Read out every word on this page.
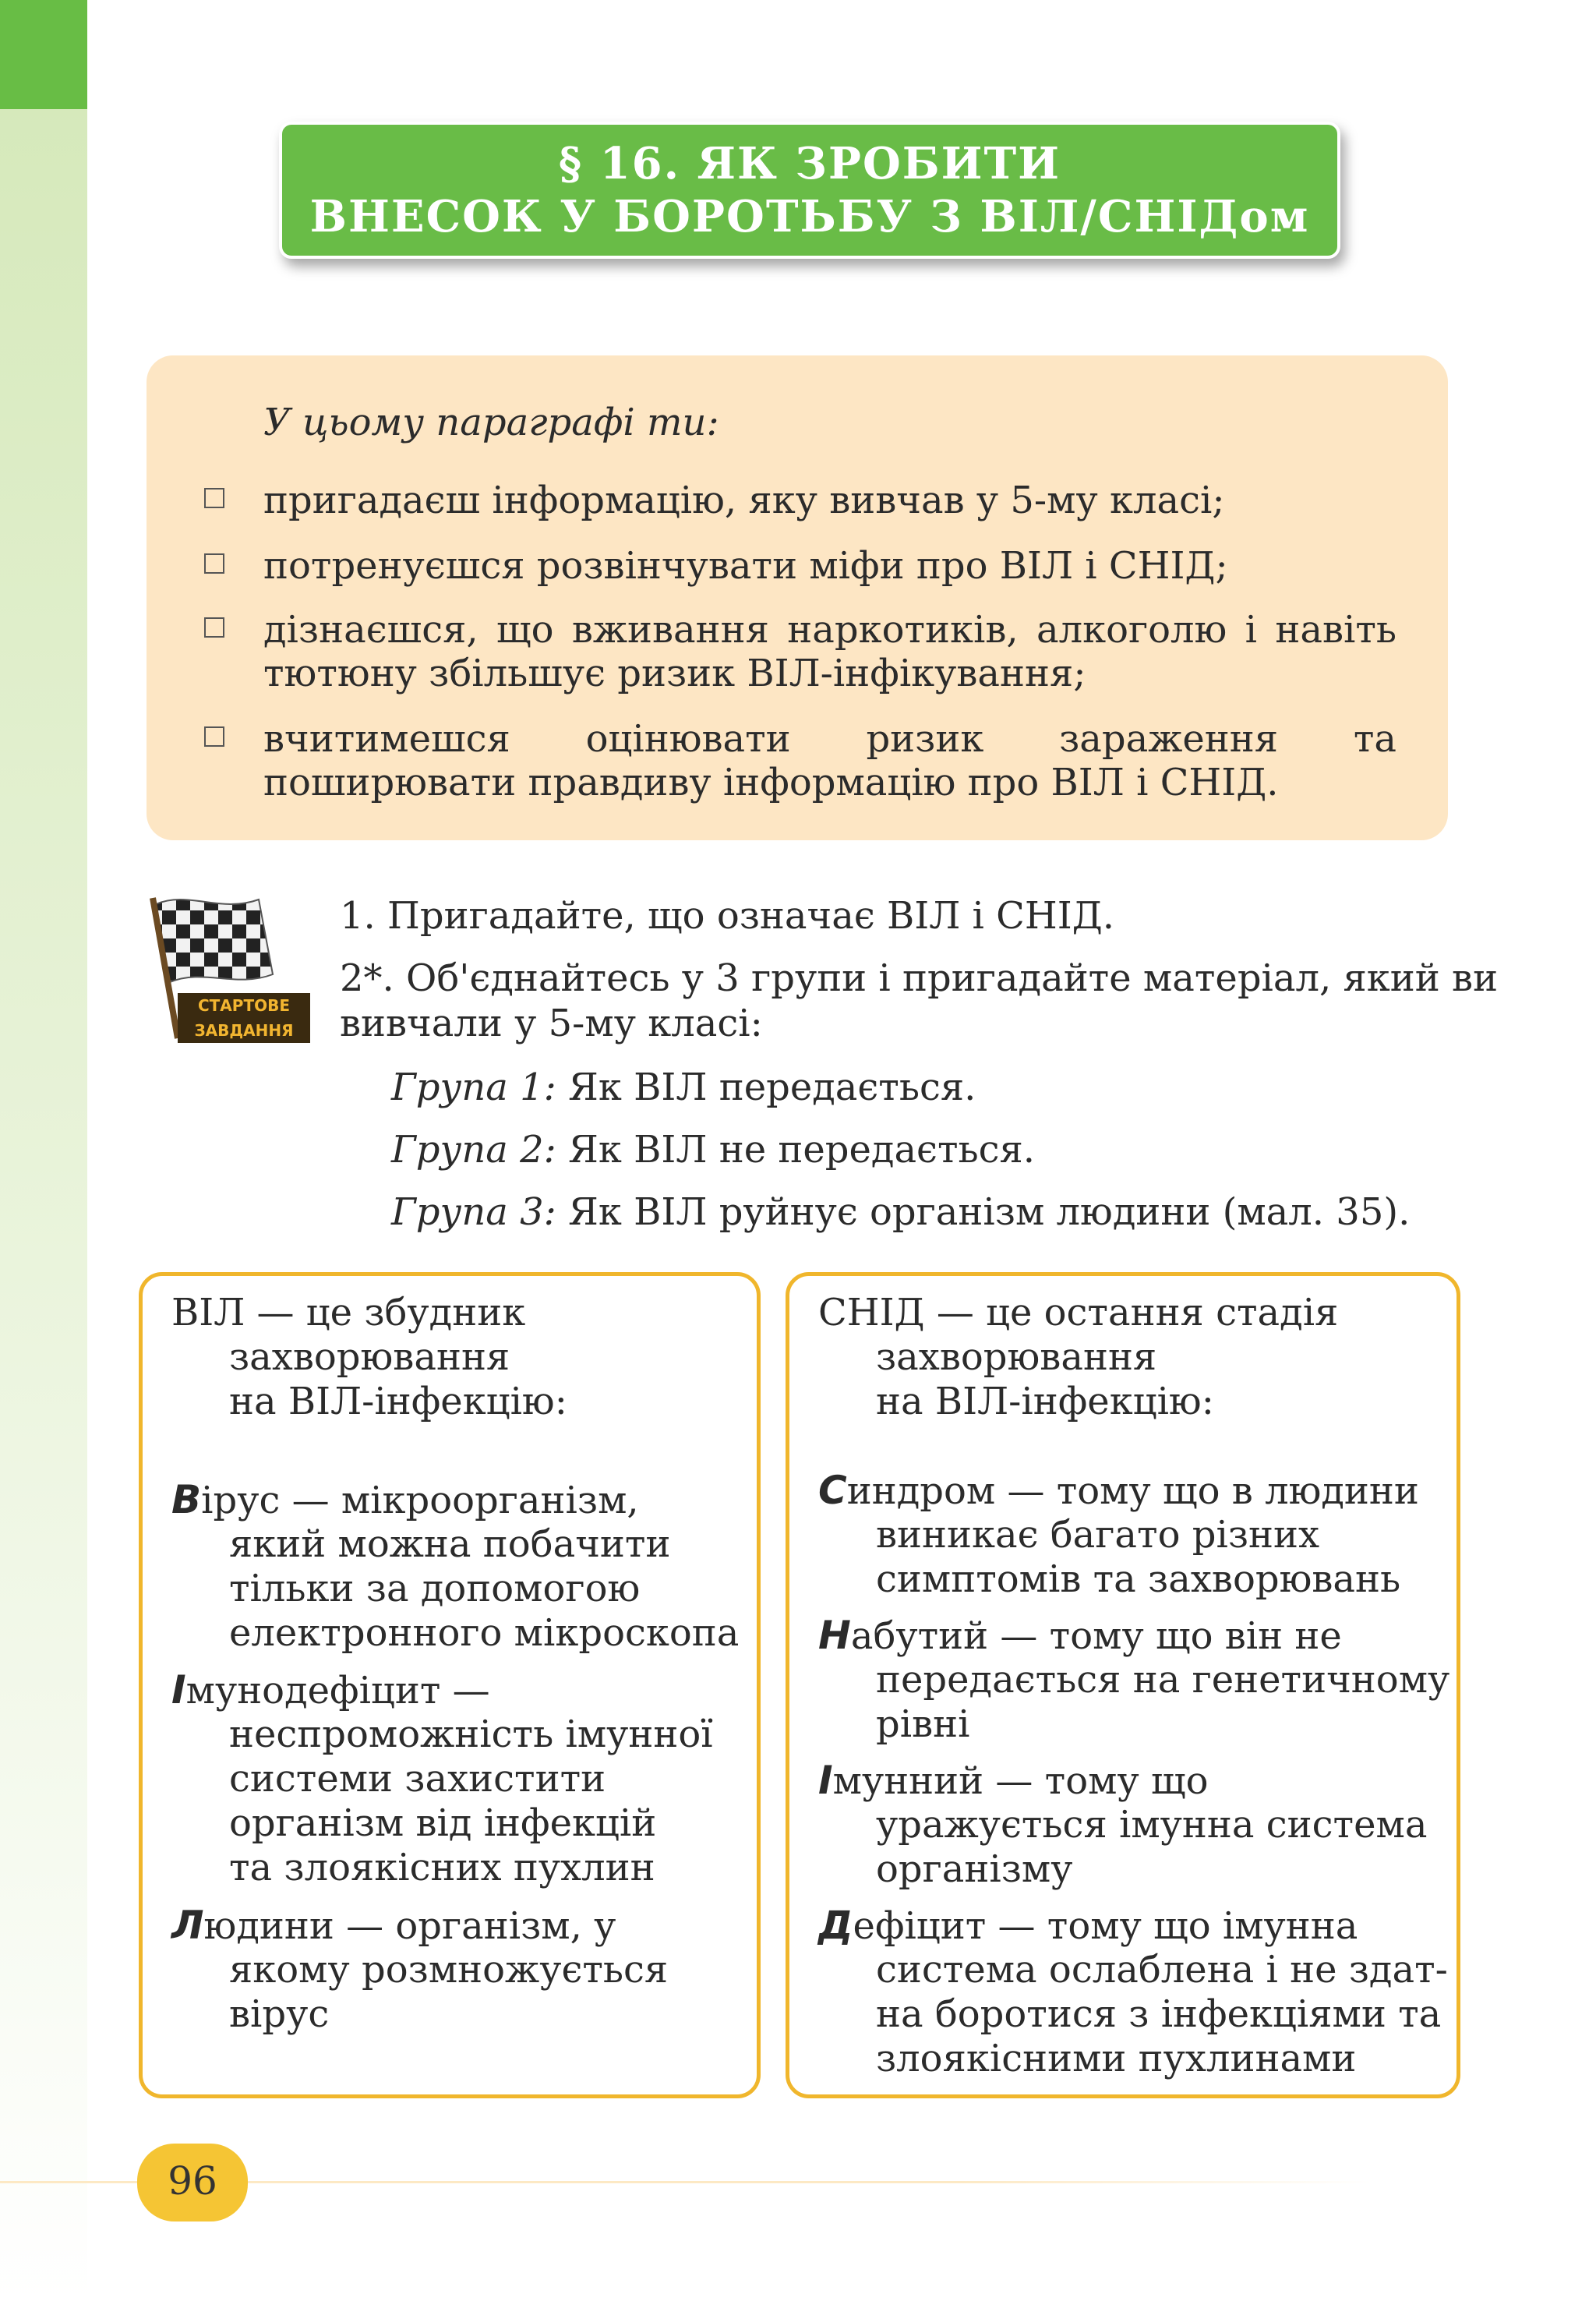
§ 16. ЯК ЗРОБИТИ
ВНЕСОК У БОРОТЬБУ З ВІЛ/СНІДом
У цьому параграфі ти:
пригадаєш інформацію, яку вивчав у 5-му класі;
потренуєшся розвінчувати міфи про ВІЛ і СНІД;
дізнаєшся, що вживання наркотиків, алкоголю і навіть тютюну збільшує ризик ВІЛ-інфікування;
вчитимешся оцінювати ризик зараження та поширювати правдиву інформацію про ВІЛ і СНІД.
СТАРТОВЕ
ЗАВДАННЯ
1. Пригадайте, що означає ВІЛ і СНІД.
2*. Об'єднайтесь у 3 групи і пригадайте матеріал, який ви
вивчали у 5-му класі:
Група 1: Як ВІЛ передається.
Група 2: Як ВІЛ не передається.
Група 3: Як ВІЛ руйнує організм людини (мал. 35).
ВІЛ — це збудник
захворювання
на ВІЛ-інфекцію:
Вірус — мікроорганізм,
який можна побачити
тільки за допомогою
електронного мікроскопа
Імунодефіцит —
неспроможність імунної
системи захистити
організм від інфекцій
та злоякісних пухлин
Людини — організм, у
якому розмножується
вірус
СНІД — це остання стадія
захворювання
на ВІЛ-інфекцію:
Синдром — тому що в людини
виникає багато різних
симптомів та захворювань
Набутий — тому що він не
передається на генетичному
рівні
Імунний — тому що
уражується імунна система
організму
Дефіцит — тому що імунна
система ослаблена і не здат-
на боротися з інфекціями та
злоякісними пухлинами
96
